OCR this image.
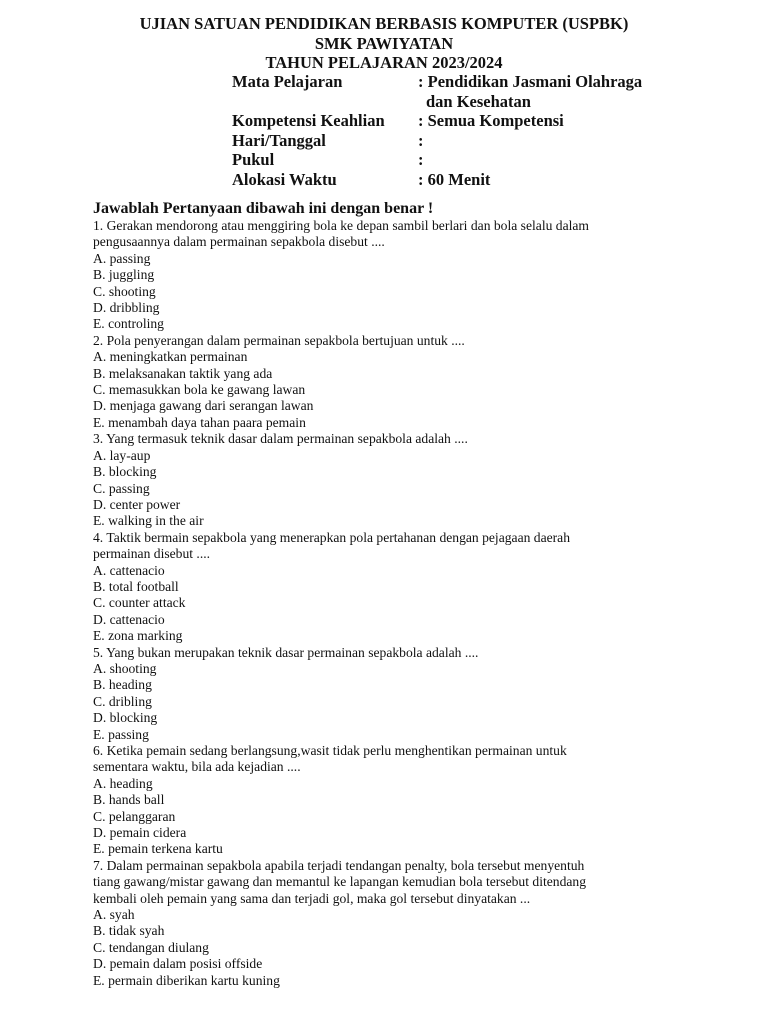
UJIAN SATUAN PENDIDIKAN BERBASIS KOMPUTER (USPBK)
SMK PAWIYATAN
TAHUN PELAJARAN 2023/2024
Mata Pelajaran	: Pendidikan Jasmani Olahraga
dan Kesehatan
Kompetensi Keahlian	: Semua Kompetensi
Hari/Tanggal	:
Pukul	:
Alokasi Waktu	: 60 Menit
Jawablah Pertanyaan dibawah ini dengan benar !
1. Gerakan mendorong atau menggiring bola ke depan sambil berlari dan bola selalu dalam
pengusaannya dalam permainan sepakbola disebut ....
A. passing
B. juggling
C. shooting
D. dribbling
E. controling
2. Pola penyerangan dalam permainan sepakbola bertujuan untuk ....
A. meningkatkan permainan
B. melaksanakan taktik yang ada
C. memasukkan bola ke gawang lawan
D. menjaga gawang dari serangan lawan
E. menambah daya tahan paara pemain
3. Yang termasuk teknik dasar dalam permainan sepakbola adalah ....
A. lay-aup
B. blocking
C. passing
D. center power
E. walking in the air
4. Taktik bermain sepakbola yang menerapkan pola pertahanan dengan pejagaan daerah
permainan disebut ....
A. cattenacio
B. total football
C. counter attack
D. cattenacio
E. zona marking
5. Yang bukan merupakan teknik dasar permainan sepakbola adalah ....
A. shooting
B. heading
C. dribling
D. blocking
E. passing
6. Ketika pemain sedang berlangsung,wasit tidak perlu menghentikan permainan untuk
sementara waktu, bila ada kejadian ....
A. heading
B. hands ball
C. pelanggaran
D. pemain cidera
E. pemain terkena kartu
7. Dalam permainan sepakbola apabila terjadi tendangan penalty, bola tersebut menyentuh
tiang gawang/mistar gawang dan memantul ke lapangan kemudian bola tersebut ditendang
kembali oleh pemain yang sama dan terjadi gol, maka gol tersebut dinyatakan ...
A. syah
B. tidak syah
C. tendangan diulang
D. pemain dalam posisi offside
E. permain diberikan kartu kuning
